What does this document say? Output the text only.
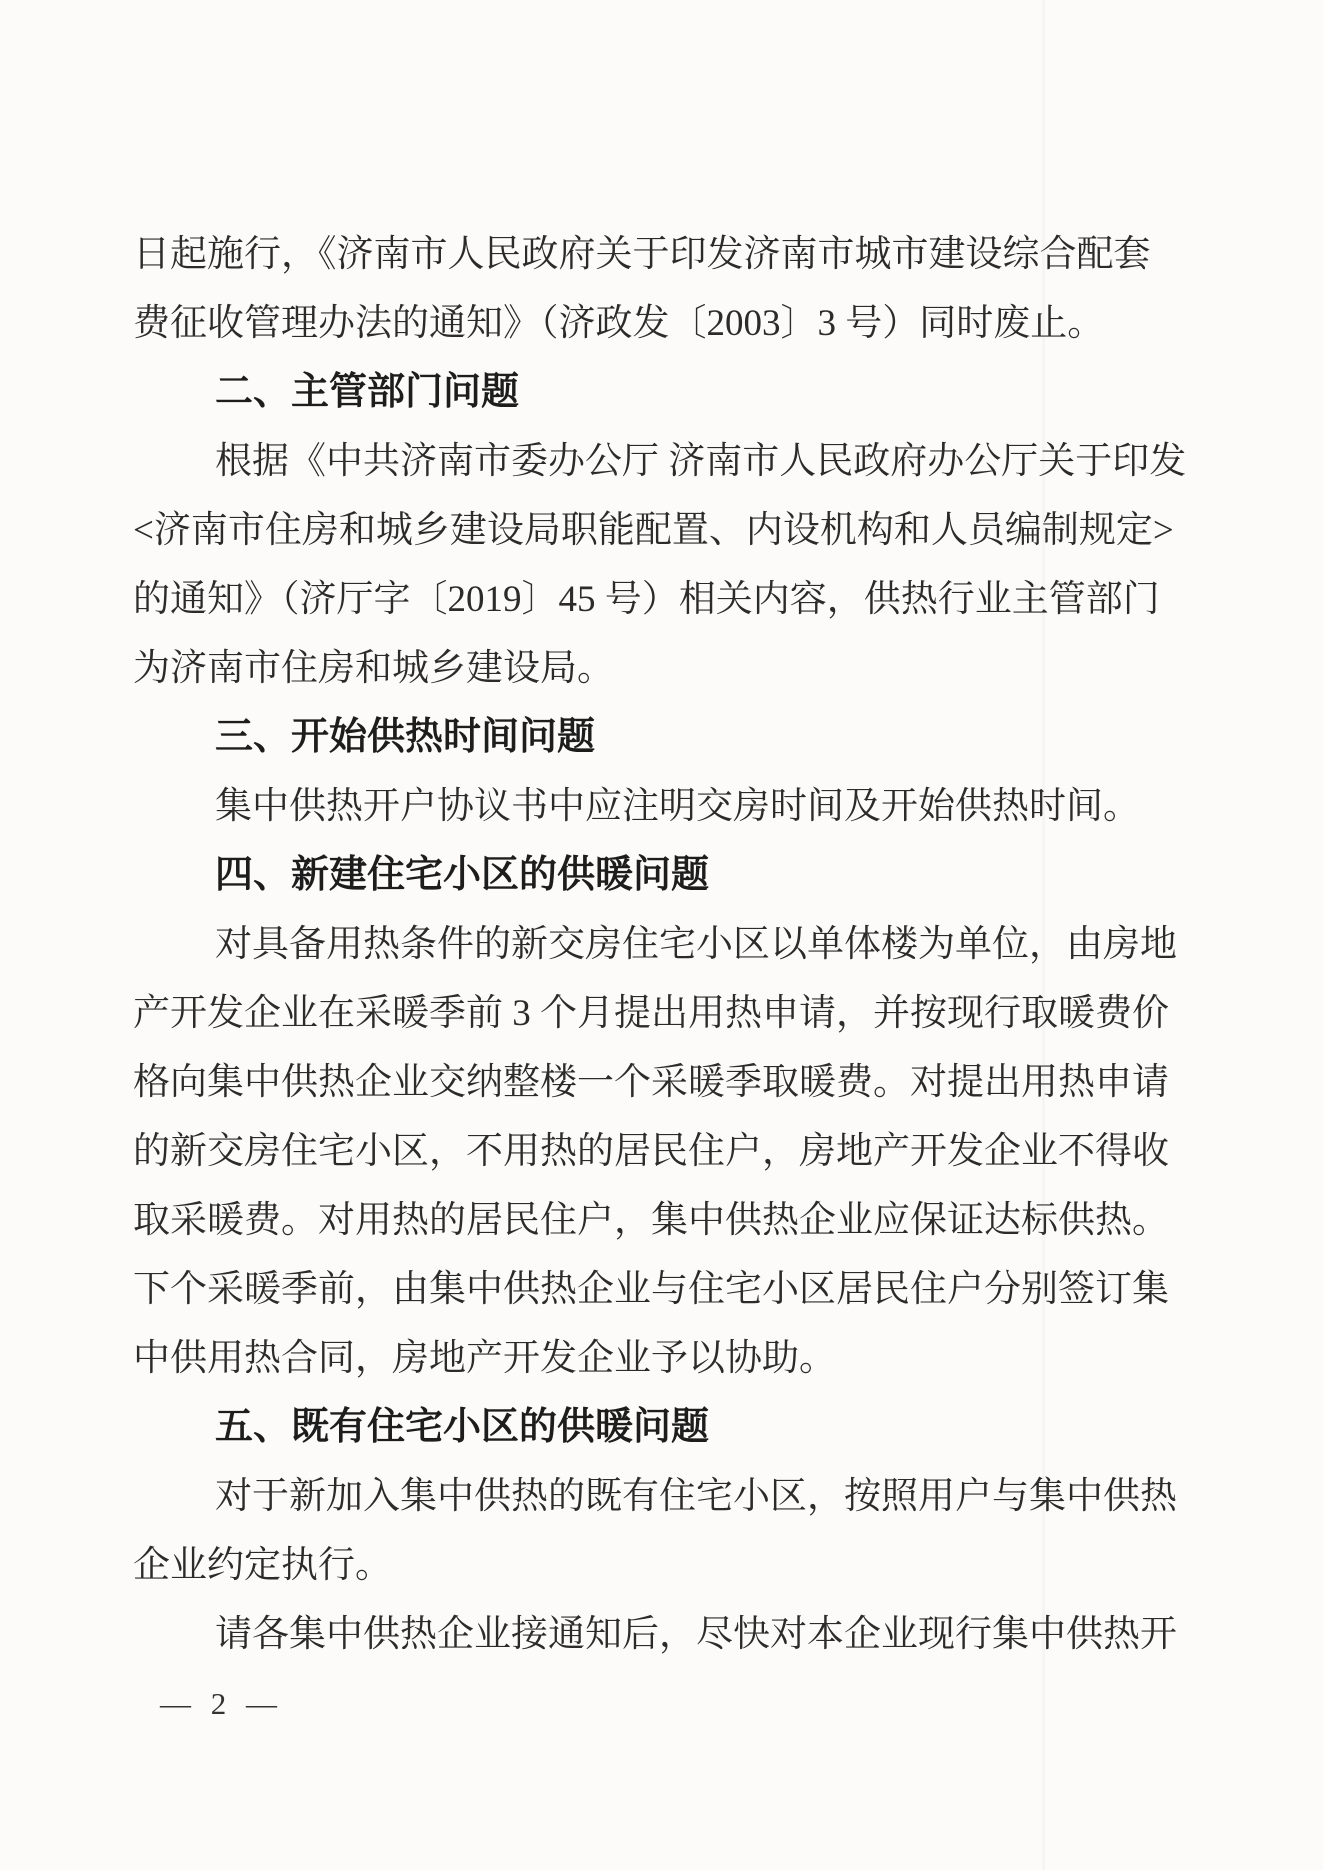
日起施行，《济南市人民政府关于印发济南市城市建设综合配套
费征收管理办法的通知》（济政发〔2003〕3 号）同时废止。
二、主管部门问题
根据《中共济南市委办公厅 济南市人民政府办公厅关于印发
<济南市住房和城乡建设局职能配置、内设机构和人员编制规定>
的通知》（济厅字〔2019〕45 号）相关内容，供热行业主管部门
为济南市住房和城乡建设局。
三、开始供热时间问题
集中供热开户协议书中应注明交房时间及开始供热时间。
四、新建住宅小区的供暖问题
对具备用热条件的新交房住宅小区以单体楼为单位，由房地
产开发企业在采暖季前 3 个月提出用热申请，并按现行取暖费价
格向集中供热企业交纳整楼一个采暖季取暖费。对提出用热申请
的新交房住宅小区，不用热的居民住户，房地产开发企业不得收
取采暖费。对用热的居民住户，集中供热企业应保证达标供热。
下个采暖季前，由集中供热企业与住宅小区居民住户分别签订集
中供用热合同，房地产开发企业予以协助。
五、既有住宅小区的供暖问题
对于新加入集中供热的既有住宅小区，按照用户与集中供热
企业约定执行。
请各集中供热企业接通知后，尽快对本企业现行集中供热开
— 2 —
